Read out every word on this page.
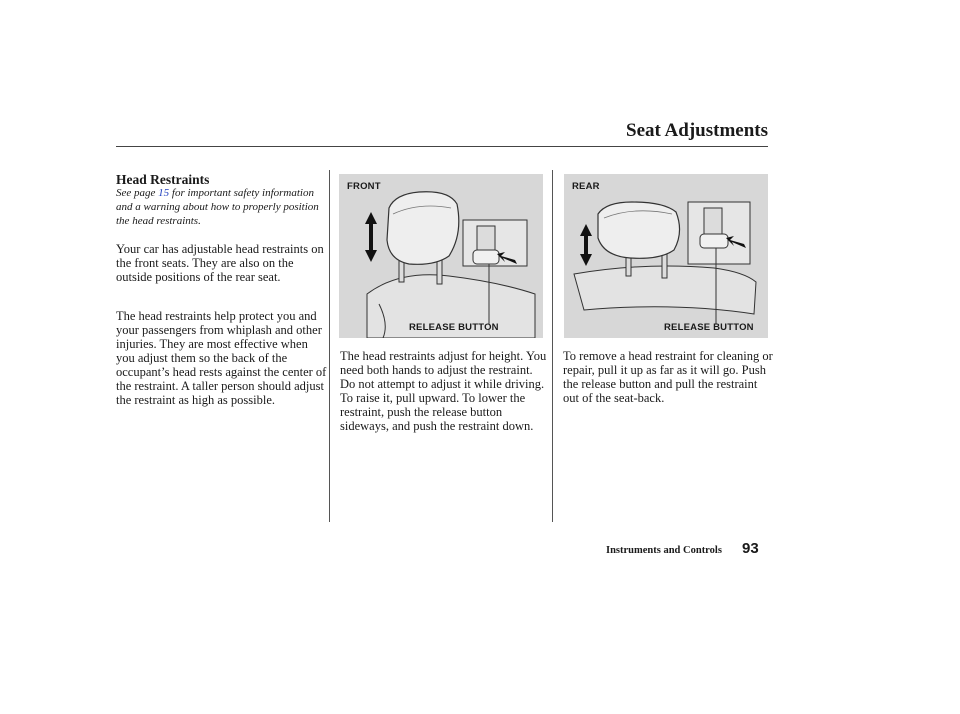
Seat Adjustments
Head Restraints
See page 15 for important safety information and a warning about how to properly position the head restraints.
Your car has adjustable head restraints on the front seats. They are also on the outside positions of the rear seat.
The head restraints help protect you and your passengers from whiplash and other injuries. They are most effective when you adjust them so the back of the occupant’s head rests against the center of the restraint. A taller person should adjust the restraint as high as possible.
FRONT
RELEASE BUTTON
The head restraints adjust for height. You need both hands to adjust the restraint. Do not attempt to adjust it while driving. To raise it, pull upward. To lower the restraint, push the release button sideways, and push the restraint down.
REAR
RELEASE BUTTON
To remove a head restraint for cleaning or repair, pull it up as far as it will go. Push the release button and pull the restraint out of the seat-back.
Instruments and Controls 93
